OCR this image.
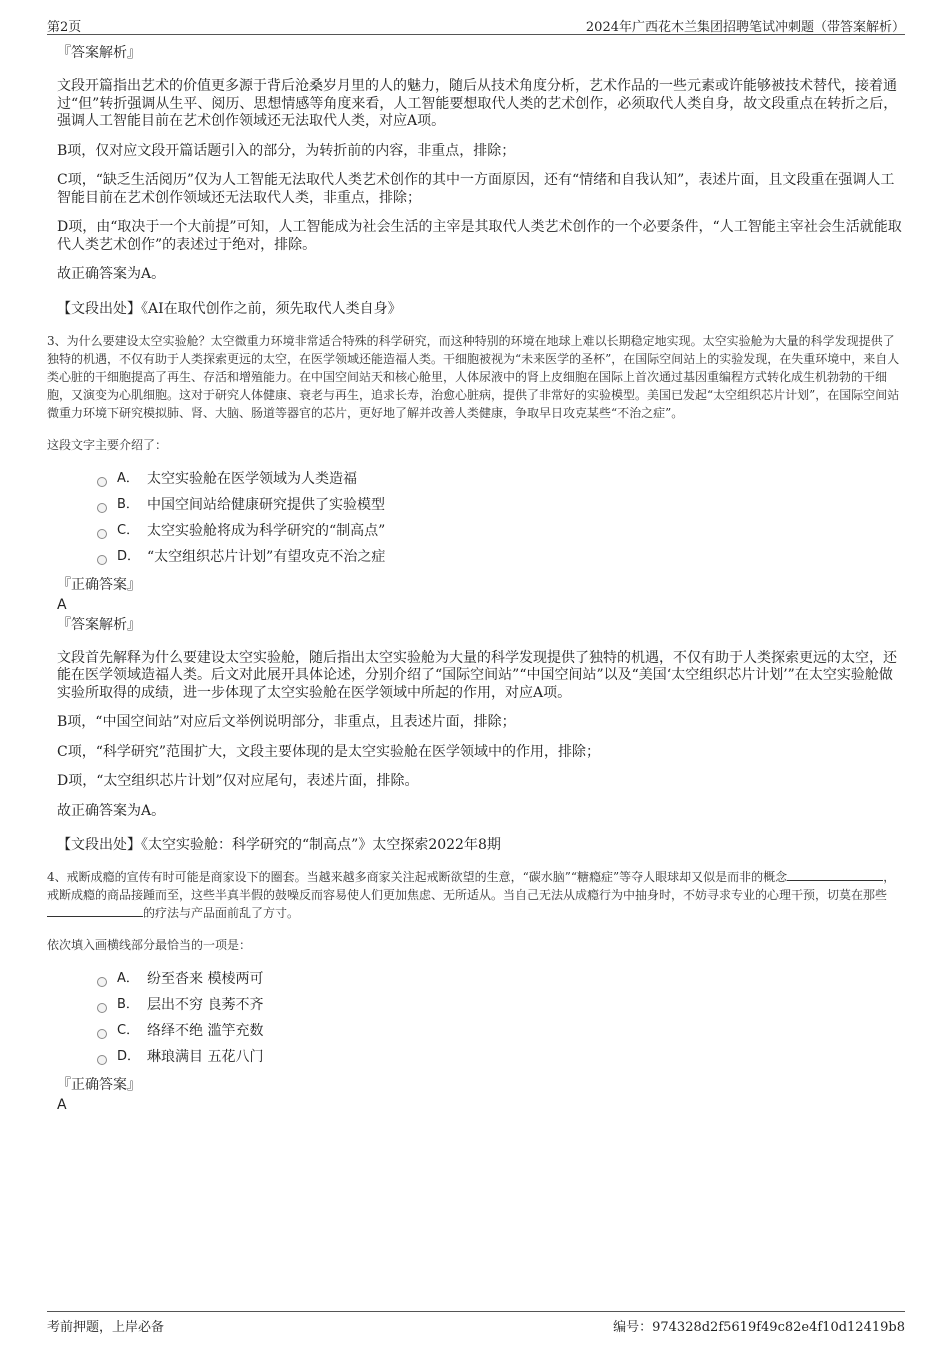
第2页	2024年广西花木兰集团招聘笔试冲刺题（带答案解析）
『答案解析』
文段开篇指出艺术的价值更多源于背后沧桑岁月里的人的魅力，随后从技术角度分析，艺术作品的一些元素或许能够被技术替代，接着通过“但”转折强调从生平、阅历、思想情感等角度来看，人工智能要想取代人类的艺术创作，必须取代人类自身，故文段重点在转折之后，强调人工智能目前在艺术创作领域还无法取代人类，对应A项。
B项，仅对应文段开篇话题引入的部分，为转折前的内容，非重点，排除；
C项，“缺乏生活阅历”仅为人工智能无法取代人类艺术创作的其中一方面原因，还有“情绪和自我认知”，表述片面，且文段重在强调人工智能目前在艺术创作领域还无法取代人类，非重点，排除；
D项，由“取决于一个大前提”可知，人工智能成为社会生活的主宰是其取代人类艺术创作的一个必要条件，“人工智能主宰社会生活就能取代人类艺术创作”的表述过于绝对，排除。
故正确答案为A。
【文段出处】《AI在取代创作之前，须先取代人类自身》
3、为什么要建设太空实验舱？太空微重力环境非常适合特殊的科学研究，而这种特别的环境在地球上难以长期稳定地实现。太空实验舱为大量的科学发现提供了独特的机遇，不仅有助于人类探索更远的太空，在医学领域还能造福人类。干细胞被视为“未来医学的圣杯”，在国际空间站上的实验发现，在失重环境中，来自人类心脏的干细胞提高了再生、存活和增殖能力。在中国空间站天和核心舱里，人体尿液中的肾上皮细胞在国际上首次通过基因重编程方式转化成生机勃勃的干细胞，又演变为心肌细胞。这对于研究人体健康、衰老与再生，追求长寿，治愈心脏病，提供了非常好的实验模型。美国已发起“太空组织芯片计划”，在国际空间站微重力环境下研究模拟肺、肾、大脑、肠道等器官的芯片，更好地了解并改善人类健康，争取早日攻克某些“不治之症”。
这段文字主要介绍了：
A． 太空实验舱在医学领域为人类造福
B． 中国空间站给健康研究提供了实验模型
C． 太空实验舱将成为科学研究的“制高点”
D． “太空组织芯片计划”有望攻克不治之症
『正确答案』
A
『答案解析』
文段首先解释为什么要建设太空实验舱，随后指出太空实验舱为大量的科学发现提供了独特的机遇，不仅有助于人类探索更远的太空，还能在医学领域造福人类。后文对此展开具体论述，分别介绍了“国际空间站”“中国空间站”以及“美国‘太空组织芯片计划’”在太空实验舱做实验所取得的成绩，进一步体现了太空实验舱在医学领域中所起的作用，对应A项。
B项，“中国空间站”对应后文举例说明部分，非重点，且表述片面，排除；
C项，“科学研究”范围扩大，文段主要体现的是太空实验舱在医学领域中的作用，排除；
D项，“太空组织芯片计划”仅对应尾句，表述片面，排除。
故正确答案为A。
【文段出处】《太空实验舱：科学研究的“制高点”》太空探索2022年8期
4、戒断成瘾的宣传有时可能是商家设下的圈套。当越来越多商家关注起戒断欲望的生意，“碳水脑”“糖瘾症”等夺人眼球却又似是而非的概念	，戒断成瘾的商品接踵而至，这些半真半假的鼓噪反而容易使人们更加焦虑、无所适从。当自己无法从成瘾行为中抽身时，不妨寻求专业的心理干预，切莫在那些的疗法与产品面前乱了方寸。
依次填入画横线部分最恰当的一项是：
A． 纷至沓来 模棱两可
B． 层出不穷 良莠不齐
C． 络绎不绝 滥竽充数
D． 琳琅满目 五花八门
『正确答案』
A
考前押题，上岸必备	编号：974328d2f5619f49c82e4f10d12419b8
